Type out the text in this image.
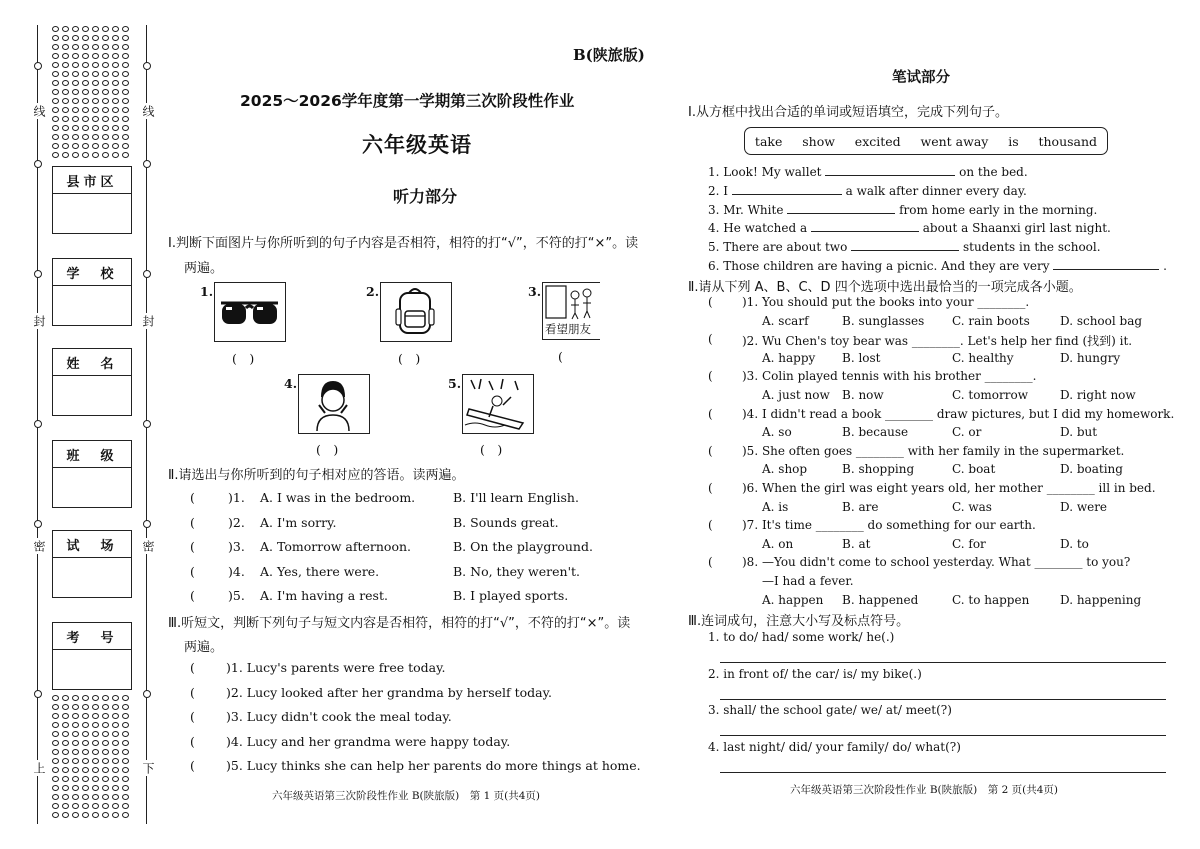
线
封
密
上
线
封
密
下
县市区
学　校
姓　名
班　级
试　场
考　号
B(陕旅版)
2025～2026学年度第一学期第三次阶段性作业
六年级英语
听力部分
Ⅰ.判断下面图片与你所听到的句子内容是否相符，相符的打“√”，不符的打“×”。读
两遍。
1.
(　)
2.
(　)
3.
看望朋友
(
4.
(　)
5.
(　)
Ⅱ.请选出与你所听到的句子相对应的答语。读两遍。
(	)1. A. I was in the bedroom.	B. I'll learn English.
(	)2. A. I'm sorry.	B. Sounds great.
(	)3. A. Tomorrow afternoon.	B. On the playground.
(	)4. A. Yes, there were.	B. No, they weren't.
(	)5. A. I'm having a rest.	B. I played sports.
Ⅲ.听短文，判断下列句子与短文内容是否相符，相符的打“√”，不符的打“×”。读
两遍。
( )1. Lucy's parents were free today.
( )2. Lucy looked after her grandma by herself today.
( )3. Lucy didn't cook the meal today.
( )4. Lucy and her grandma were happy today.
( )5. Lucy thinks she can help her parents do more things at home.
六年级英语第三次阶段性作业 B(陕旅版)　第 1 页(共4页)
笔试部分
Ⅰ.从方框中找出合适的单词或短语填空，完成下列句子。
take show excited went away is thousand
1. Look! My wallet	on the bed.
2. I	a walk after dinner every day.
3. Mr. White	from home early in the morning.
4. He watched a	about a Shaanxi girl last night.
5. There are about two	students in the school.
6. Those children are having a picnic. And they are very	.
Ⅱ.请从下列 A、B、C、D 四个选项中选出最恰当的一项完成各小题。
( )1. You should put the books into your ________.
A. scarf	B. sunglasses C. rain boots	D. school bag
( )2. Wu Chen's toy bear was ________. Let's help her find (找到) it.
A. happy B. lost	C. healthy	D. hungry
( )3. Colin played tennis with his brother ________.
A. just now B. now	C. tomorrow	D. right now
( )4. I didn't read a book ________ draw pictures, but I did my homework.
A. so	B. because	C. or	D. but
( )5. She often goes ________ with her family in the supermarket.
A. shop	B. shopping	C. boat	D. boating
( )6. When the girl was eight years old, her mother ________ ill in bed.
A. is	B. are	C. was	D. were
( )7. It's time ________ do something for our earth.
A. on	B. at	C. for	D. to
( )8. —You didn't come to school yesterday. What ________ to you?
—I had a fever.
A. happen B. happened	C. to happen	D. happening
Ⅲ.连词成句，注意大小写及标点符号。
1. to do/ had/ some work/ he(.)
2. in front of/ the car/ is/ my bike(.)
3. shall/ the school gate/ we/ at/ meet(?)
4. last night/ did/ your family/ do/ what(?)
六年级英语第三次阶段性作业 B(陕旅版)　第 2 页(共4页)
